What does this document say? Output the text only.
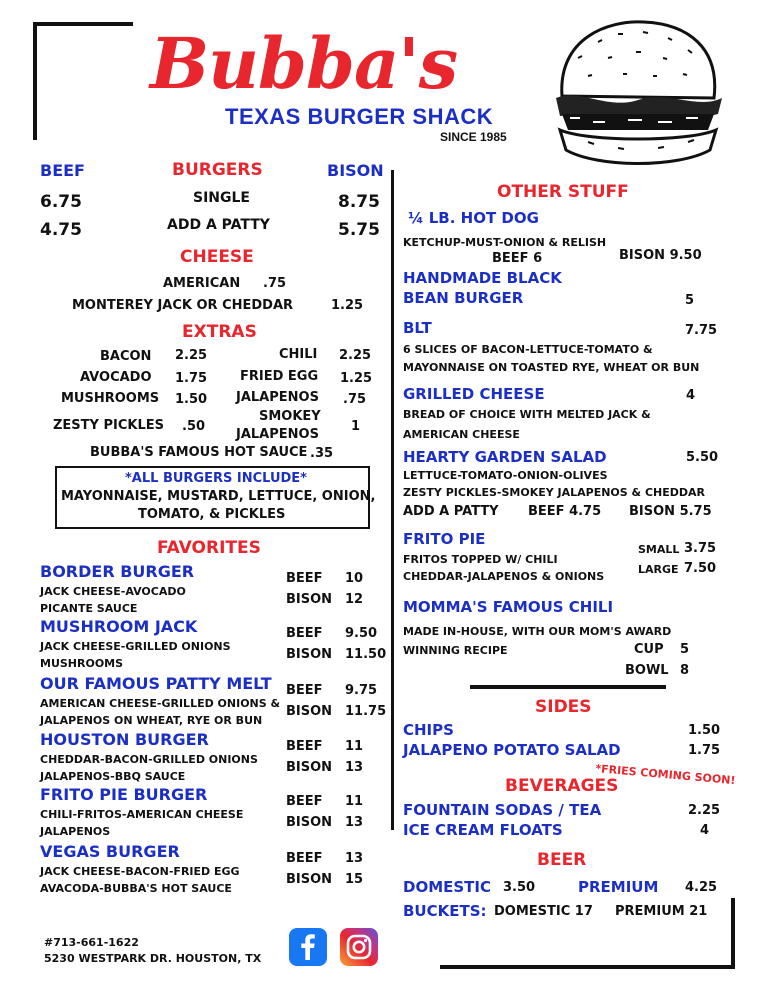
Bubba's
TEXAS BURGER SHACK
SINCE 1985
BEEF	BURGERS	BISON
6.75	SINGLE	8.75
4.75	ADD A PATTY	5.75
CHEESE
AMERICAN .75
MONTEREY JACK OR CHEDDAR	1.25
EXTRAS
BACON 2.25
AVOCADO 1.75
MUSHROOMS 1.50
ZESTY PICKLES .50
CHILI 2.25
FRIED EGG 1.25
JALAPENOS .75
SMOKEY
JALAPENOS
1
BUBBA'S FAMOUS HOT SAUCE .35
*ALL BURGERS INCLUDE*
MAYONNAISE, MUSTARD, LETTUCE, ONION,
TOMATO, & PICKLES
FAVORITES
BORDER BURGER
JACK CHEESE-AVOCADO
PICANTE SAUCE
BEEF 10
BISON 12
MUSHROOM JACK
JACK CHEESE-GRILLED ONIONS
MUSHROOMS
BEEF 9.50
BISON 11.50
OUR FAMOUS PATTY MELT
AMERICAN CHEESE-GRILLED ONIONS &
JALAPENOS ON WHEAT, RYE OR BUN
BEEF 9.75
BISON 11.75
HOUSTON BURGER
CHEDDAR-BACON-GRILLED ONIONS
JALAPENOS-BBQ SAUCE
BEEF 11
BISON 13
FRITO PIE BURGER
CHILI-FRITOS-AMERICAN CHEESE
JALAPENOS
BEEF 11
BISON 13
VEGAS BURGER
JACK CHEESE-BACON-FRIED EGG
AVACODA-BUBBA'S HOT SAUCE
BEEF 13
BISON 15
OTHER STUFF
¼ LB. HOT DOG
KETCHUP-MUST-ONION & RELISH
BEEF 6	BISON 9.50
HANDMADE BLACK
BEAN BURGER	5
BLT	7.75
6 SLICES OF BACON-LETTUCE-TOMATO &
MAYONNAISE ON TOASTED RYE, WHEAT OR BUN
GRILLED CHEESE	4
BREAD OF CHOICE WITH MELTED JACK &
AMERICAN CHEESE
HEARTY GARDEN SALAD	5.50
LETTUCE-TOMATO-ONION-OLIVES
ZESTY PICKLES-SMOKEY JALAPENOS & CHEDDAR
ADD A PATTY BEEF 4.75 BISON 5.75
FRITO PIE
FRITOS TOPPED W/ CHILI
CHEDDAR-JALAPENOS & ONIONS
SMALL 3.75
LARGE 7.50
MOMMA'S FAMOUS CHILI
MADE IN-HOUSE, WITH OUR MOM'S AWARD
WINNING RECIPE	CUP 5
BOWL 8
SIDES
CHIPS	1.50
JALAPENO POTATO SALAD	1.75
*FRIES COMING SOON!
BEVERAGES
FOUNTAIN SODAS / TEA	2.25
ICE CREAM FLOATS	4
BEER
DOMESTIC 3.50	PREMIUM 4.25
BUCKETS: DOMESTIC 17 PREMIUM 21
#713-661-1622
5230 WESTPARK DR. HOUSTON, TX
